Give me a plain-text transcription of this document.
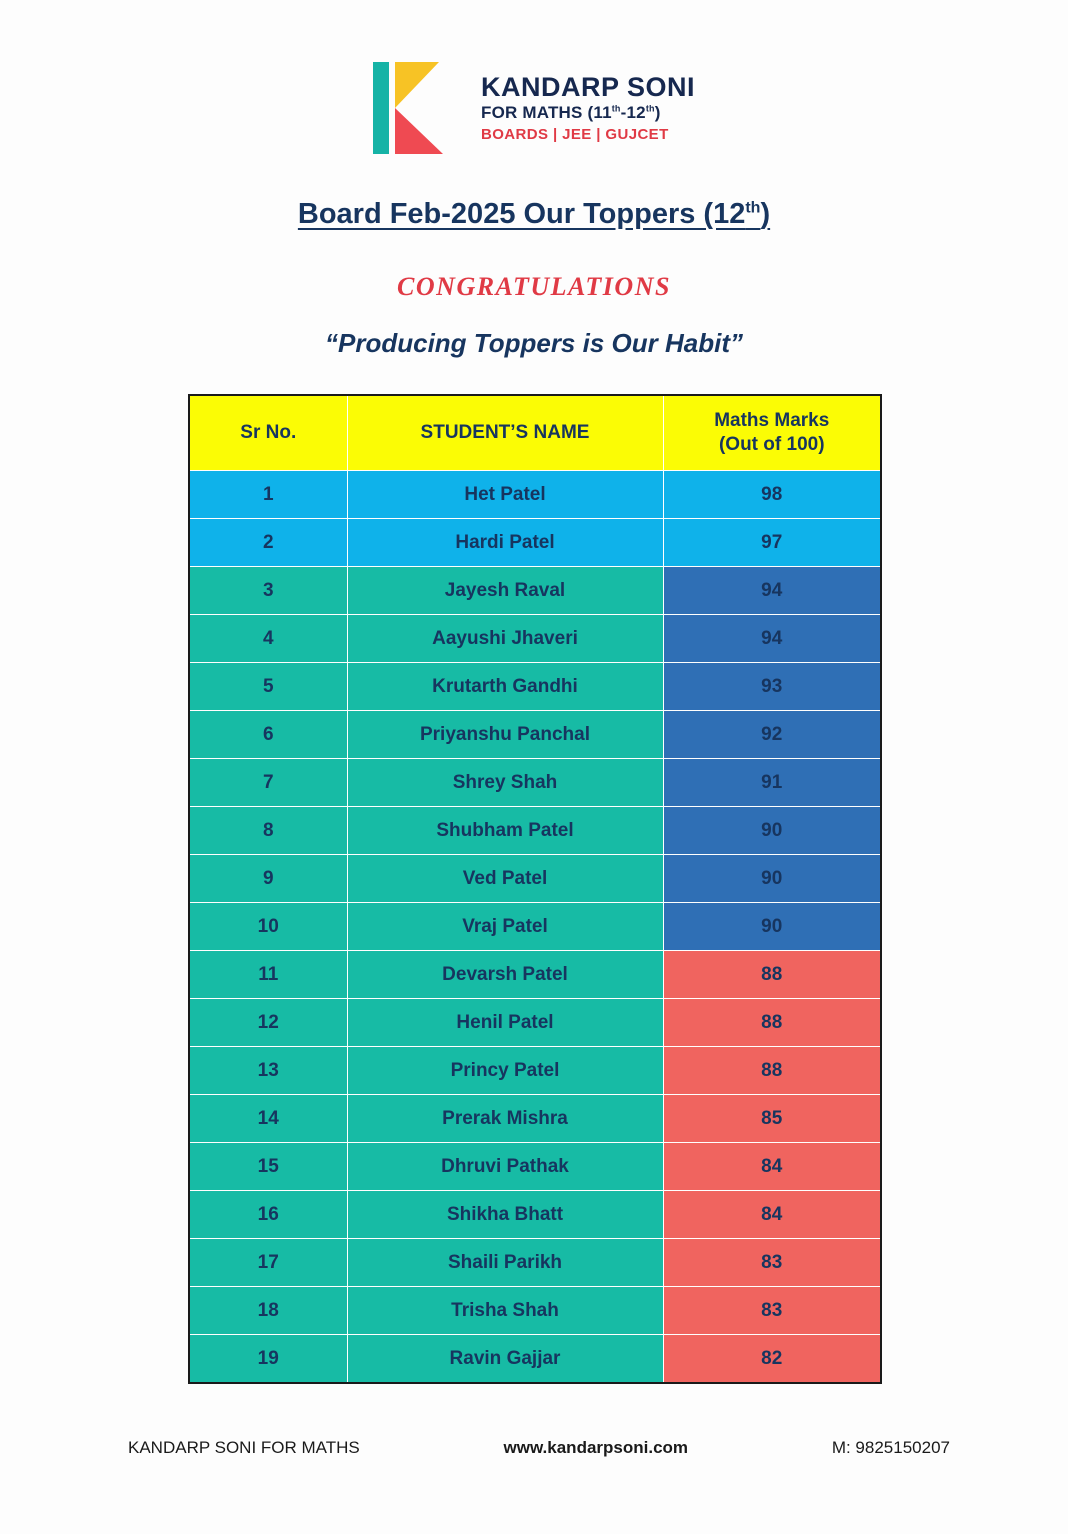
KANDARP SONI
FOR MATHS (11th-12th)
BOARDS | JEE | GUJCET
Board Feb-2025 Our Toppers (12th)
CONGRATULATIONS
“Producing Toppers is Our Habit”
Sr No.	STUDENT’S NAME	Maths Marks
(Out of 100)

1	Het Patel	98
2	Hardi Patel	97
3	Jayesh Raval	94
4	Aayushi Jhaveri	94
5	Krutarth Gandhi	93
6	Priyanshu Panchal	92
7	Shrey Shah	91
8	Shubham Patel	90
9	Ved Patel	90
10	Vraj Patel	90
11	Devarsh Patel	88
12	Henil Patel	88
13	Princy Patel	88
14	Prerak Mishra	85
15	Dhruvi Pathak	84
16	Shikha Bhatt	84
17	Shaili Parikh	83
18	Trisha Shah	83
19	Ravin Gajjar	82
KANDARP SONI FOR MATHS	www.kandarpsoni.com	M: 9825150207
